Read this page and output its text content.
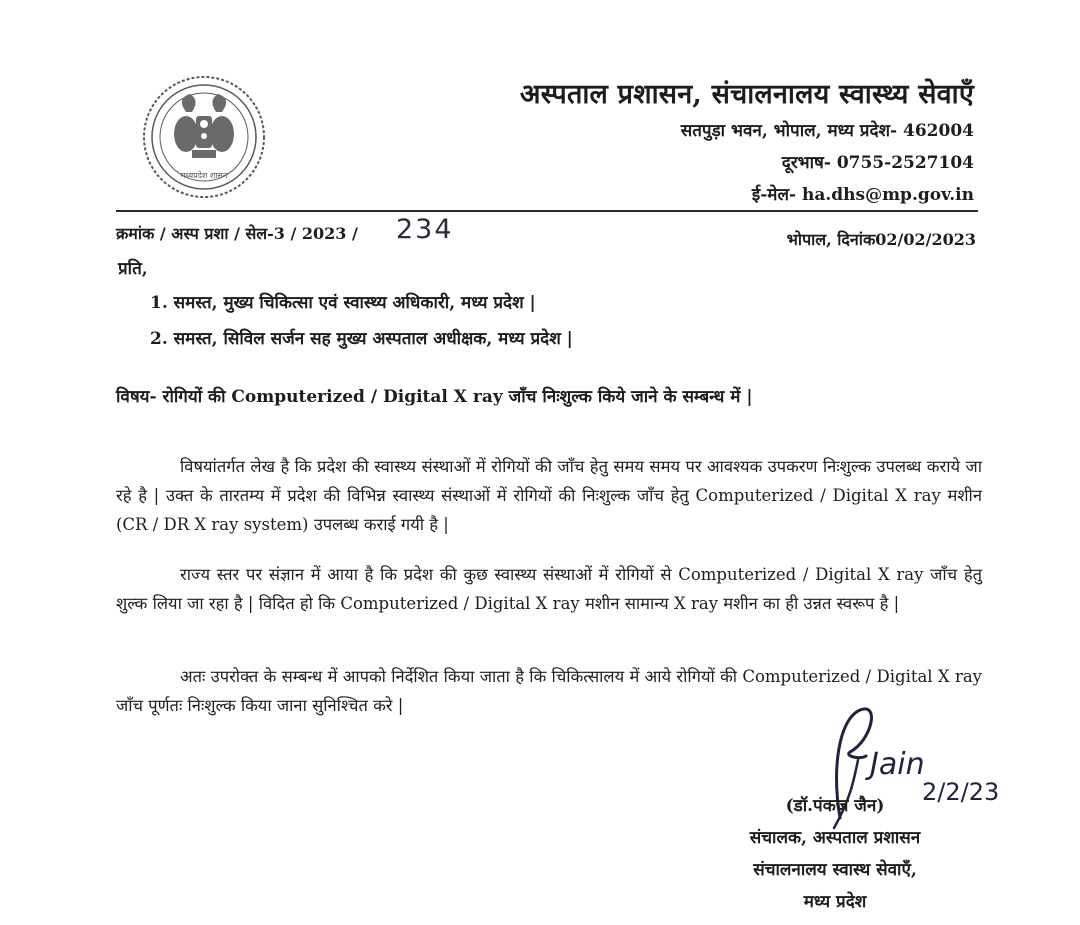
मध्यप्रदेश शासन
अस्पताल प्रशासन, संचालनालय स्वास्थ्य सेवाएँ
सतपुड़ा भवन, भोपाल, मध्य प्रदेश- 462004
दूरभाष- 0755-2527104
ई-मेल- ha.dhs@mp.gov.in
क्रमांक / अस्प प्रशा / सेल-3 / 2023 / 234	भोपाल, दिनांक02/02/2023
प्रति,
1. समस्त, मुख्य चिकित्सा एवं स्वास्थ्य अधिकारी, मध्य प्रदेश |
2. समस्त, सिविल सर्जन सह मुख्य अस्पताल अधीक्षक, मध्य प्रदेश |
विषय- रोगियों की Computerized / Digital X ray जाँच निःशुल्क किये जाने के सम्बन्ध में |
विषयांतर्गत लेख है कि प्रदेश की स्वास्थ्य संस्थाओं में रोगियों की जाँच हेतु समय समय पर आवश्यक उपकरण निःशुल्क उपलब्ध कराये जा रहे है | उक्त के तारतम्य में प्रदेश की विभिन्न स्वास्थ्य संस्थाओं में रोगियों की निःशुल्क जाँच हेतु Computerized / Digital X ray मशीन (CR / DR X ray system) उपलब्ध कराई गयी है |
राज्य स्तर पर संज्ञान में आया है कि प्रदेश की कुछ स्वास्थ्य संस्थाओं में रोगियों से Computerized / Digital X ray जाँच हेतु शुल्क लिया जा रहा है | विदित हो कि Computerized / Digital X ray मशीन सामान्य X ray मशीन का ही उन्नत स्वरूप है |
अतः उपरोक्त के सम्बन्ध में आपको निर्देशित किया जाता है कि चिकित्सालय में आये रोगियों की Computerized / Digital X ray जाँच पूर्णतः निःशुल्क किया जाना सुनिश्चित करे |
Jain
2/2/23
(डॉ.पंकज जैन)
संचालक, अस्पताल प्रशासन
संचालनालय स्वास्थ सेवाएँ,
मध्य प्रदेश
